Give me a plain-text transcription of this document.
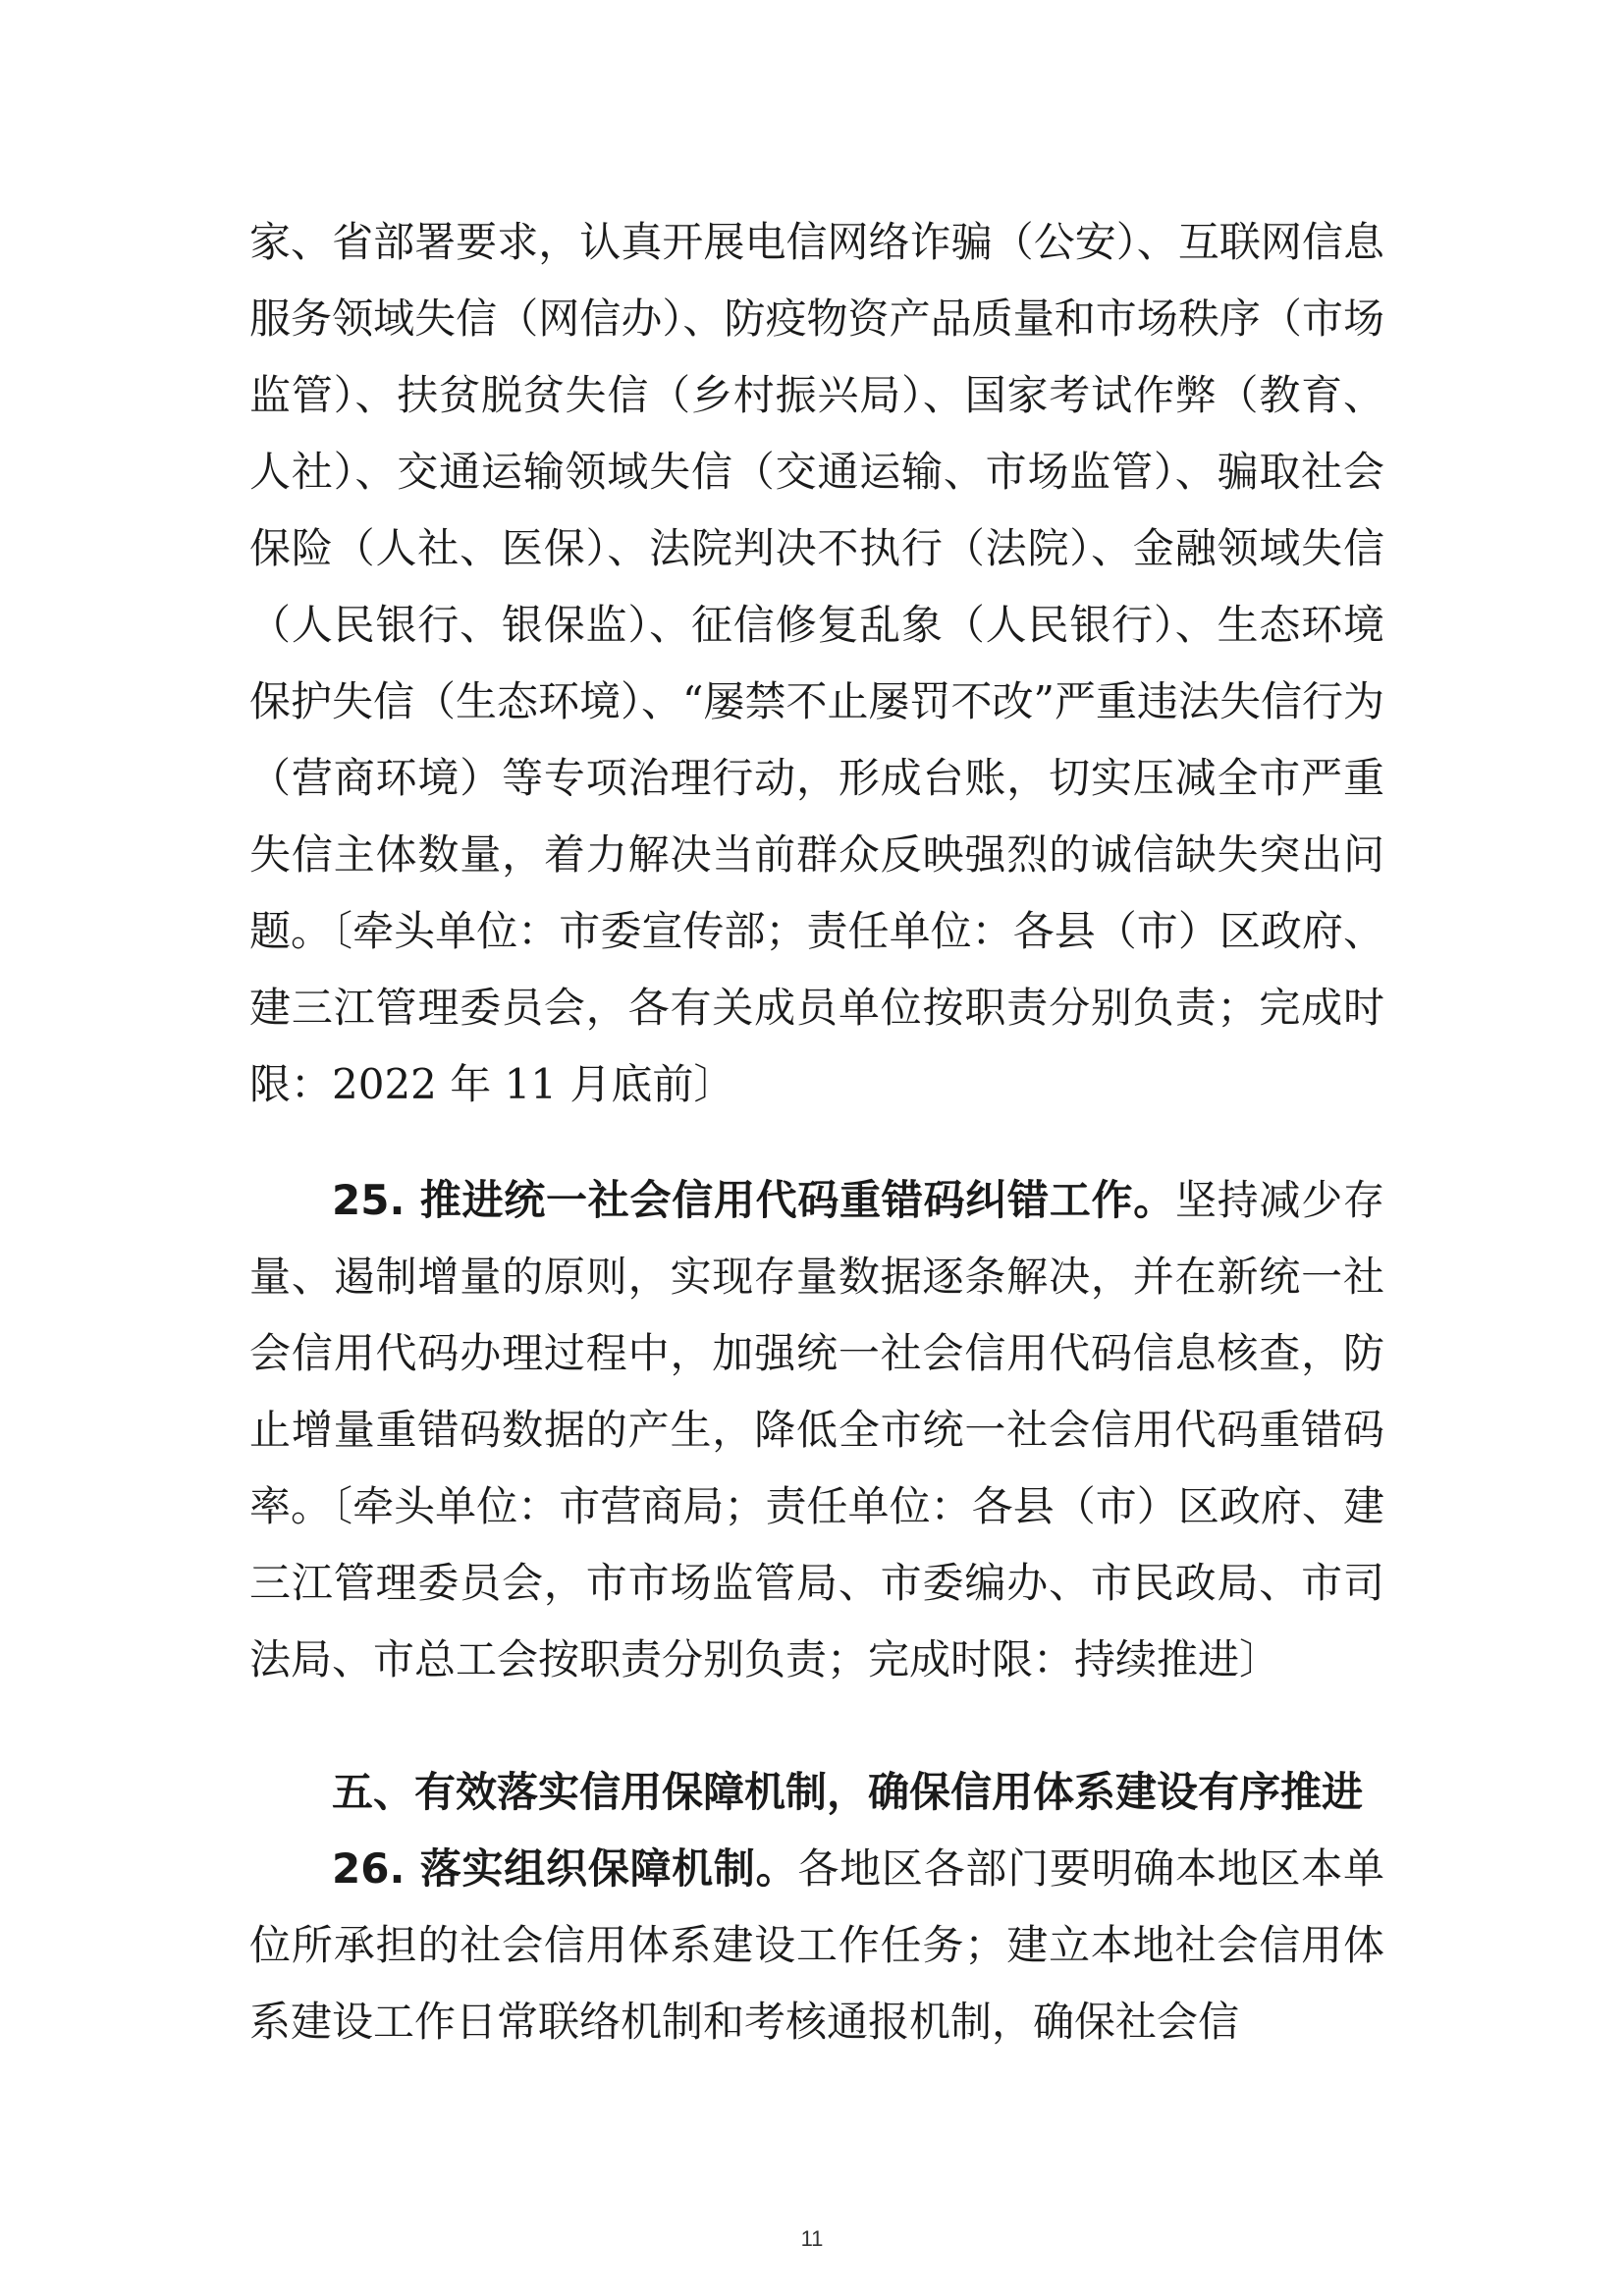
家、省部署要求，认真开展电信网络诈骗（公安）、互联网信息服务领域失信（网信办）、防疫物资产品质量和市场秩序（市场监管）、扶贫脱贫失信（乡村振兴局）、国家考试作弊（教育、人社）、交通运输领域失信（交通运输、市场监管）、骗取社会保险（人社、医保）、法院判决不执行（法院）、金融领域失信（人民银行、银保监）、征信修复乱象（人民银行）、生态环境保护失信（生态环境）、“屡禁不止屡罚不改”严重违法失信行为（营商环境）等专项治理行动，形成台账，切实压减全市严重失信主体数量，着力解决当前群众反映强烈的诚信缺失突出问题。〔牵头单位：市委宣传部；责任单位：各县（市）区政府、建三江管理委员会，各有关成员单位按职责分别负责；完成时限：2022 年 11 月底前〕
25. 推进统一社会信用代码重错码纠错工作。坚持减少存量、遏制增量的原则，实现存量数据逐条解决，并在新统一社会信用代码办理过程中，加强统一社会信用代码信息核查，防止增量重错码数据的产生，降低全市统一社会信用代码重错码率。〔牵头单位：市营商局；责任单位：各县（市）区政府、建三江管理委员会，市市场监管局、市委编办、市民政局、市司法局、市总工会按职责分别负责；完成时限：持续推进〕
五、有效落实信用保障机制，确保信用体系建设有序推进
26. 落实组织保障机制。各地区各部门要明确本地区本单位所承担的社会信用体系建设工作任务；建立本地社会信用体系建设工作日常联络机制和考核通报机制，确保社会信
11
